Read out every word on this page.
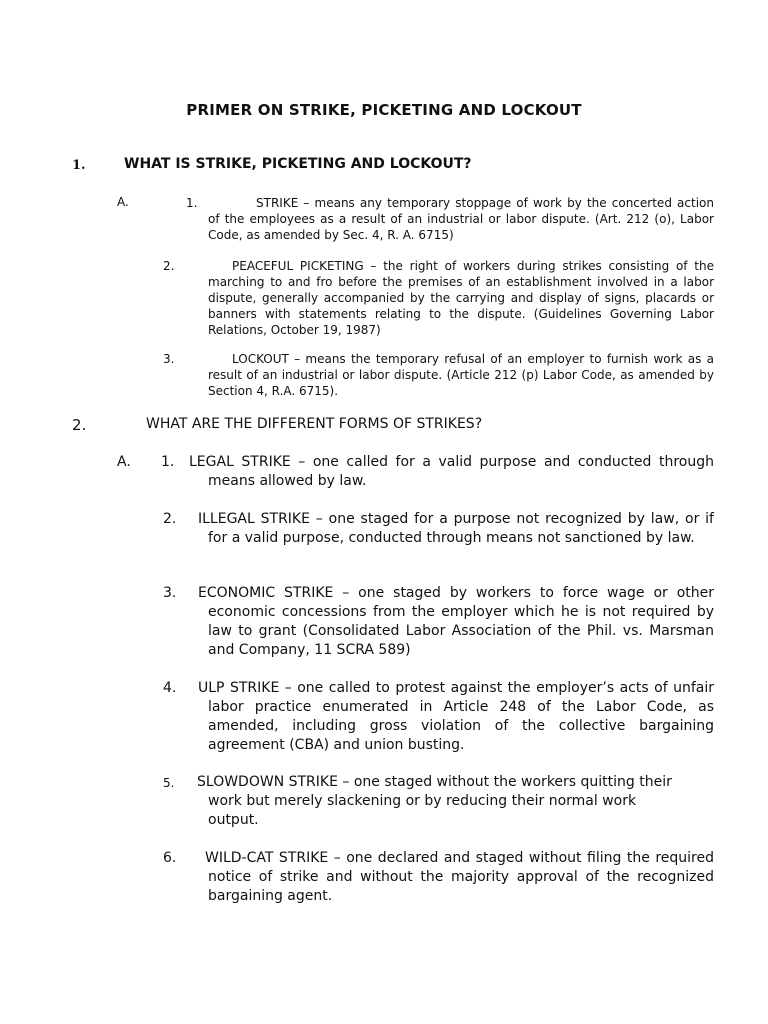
PRIMER ON STRIKE, PICKETING AND LOCKOUT
1.	WHAT IS STRIKE, PICKETING AND LOCKOUT?
A.	1.	STRIKE – means any temporary stoppage of work by the concerted action of the employees as a result of an industrial or labor dispute. (Art. 212 (o), Labor Code, as amended by Sec. 4, R. A. 6715)
2.	PEACEFUL PICKETING – the right of workers during strikes consisting of the marching to and fro before the premises of an establishment involved in a labor dispute, generally accompanied by the carrying and display of signs, placards or banners with statements relating to the dispute. (Guidelines Governing Labor Relations, October 19, 1987)
3.	LOCKOUT – means the temporary refusal of an employer to furnish work as a result of an industrial or labor dispute. (Article 212 (p) Labor Code, as amended by Section 4, R.A. 6715).
2.	WHAT ARE THE DIFFERENT FORMS OF STRIKES?
A. 1. LEGAL STRIKE – one called for a valid purpose and conducted through means allowed by law.
2. ILLEGAL STRIKE – one staged for a purpose not recognized by law, or if for a valid purpose, conducted through means not sanctioned by law.
3. ECONOMIC STRIKE – one staged by workers to force wage or other economic concessions from the employer which he is not required by law to grant (Consolidated Labor Association of the Phil. vs. Marsman and Company, 11 SCRA 589)
4. ULP STRIKE – one called to protest against the employer’s acts of unfair labor practice enumerated in Article 248 of the Labor Code, as amended, including gross violation of the collective bargaining agreement (CBA) and union busting.
5. SLOWDOWN STRIKE – one staged without the workers quitting their work but merely slackening or by reducing their normal work output.
6. WILD-CAT STRIKE – one declared and staged without filing the required notice of strike and without the majority approval of the recognized bargaining agent.
